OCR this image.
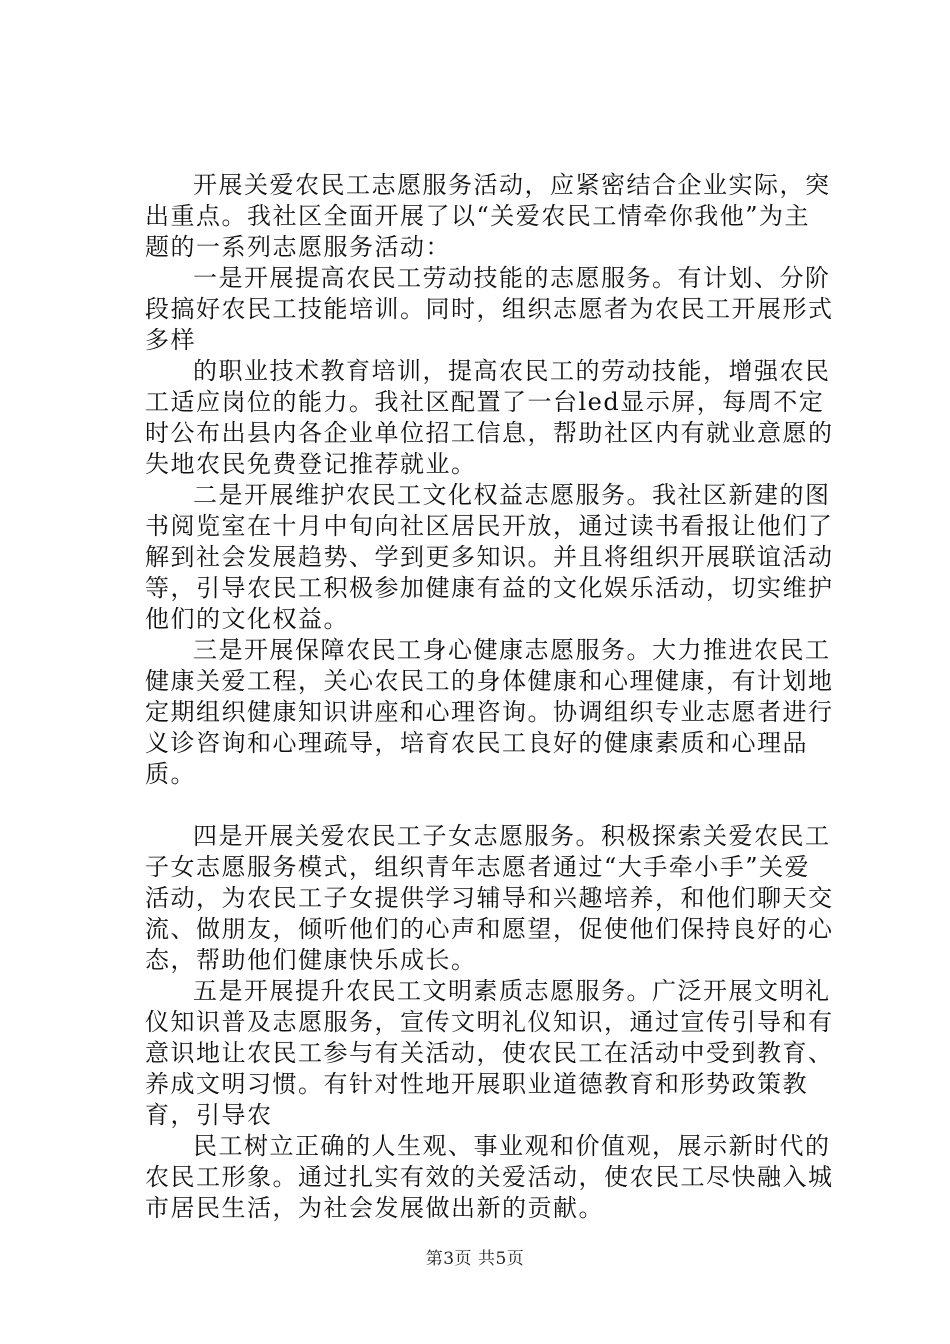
开展关爱农民工志愿服务活动，应紧密结合企业实际，突出重点。我社区全面开展了以“关爱农民工情牵你我他”为主题的一系列志愿服务活动：

一是开展提高农民工劳动技能的志愿服务。有计划、分阶段搞好农民工技能培训。同时，组织志愿者为农民工开展形式多样

的职业技术教育培训，提高农民工的劳动技能，增强农民工适应岗位的能力。我社区配置了一台led显示屏，每周不定时公布出县内各企业单位招工信息，帮助社区内有就业意愿的失地农民免费登记推荐就业。

二是开展维护农民工文化权益志愿服务。我社区新建的图书阅览室在十月中旬向社区居民开放，通过读书看报让他们了解到社会发展趋势、学到更多知识。并且将组织开展联谊活动等，引导农民工积极参加健康有益的文化娱乐活动，切实维护他们的文化权益。

三是开展保障农民工身心健康志愿服务。大力推进农民工健康关爱工程，关心农民工的身体健康和心理健康，有计划地定期组织健康知识讲座和心理咨询。协调组织专业志愿者进行义诊咨询和心理疏导，培育农民工良好的健康素质和心理品质。

四是开展关爱农民工子女志愿服务。积极探索关爱农民工子女志愿服务模式，组织青年志愿者通过“大手牵小手”关爱活动，为农民工子女提供学习辅导和兴趣培养，和他们聊天交流、做朋友，倾听他们的心声和愿望，促使他们保持良好的心态，帮助他们健康快乐成长。

五是开展提升农民工文明素质志愿服务。广泛开展文明礼仪知识普及志愿服务，宣传文明礼仪知识，通过宣传引导和有意识地让农民工参与有关活动，使农民工在活动中受到教育、养成文明习惯。有针对性地开展职业道德教育和形势政策教育，引导农

民工树立正确的人生观、事业观和价值观，展示新时代的农民工形象。通过扎实有效的关爱活动，使农民工尽快融入城市居民生活，为社会发展做出新的贡献。

第3页 共5页
